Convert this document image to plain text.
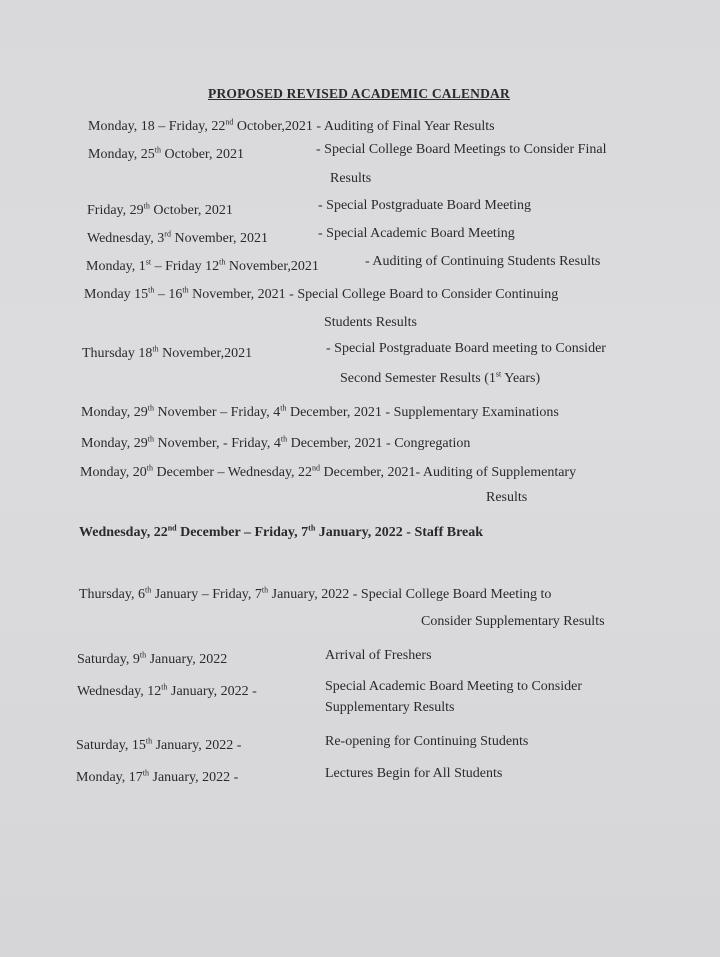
PROPOSED REVISED ACADEMIC CALENDAR
Monday, 18 – Friday, 22nd October,2021 - Auditing of Final Year Results
Monday, 25th October, 2021	- Special College Board Meetings to Consider Final
Results
Friday, 29th October, 2021	- Special Postgraduate Board Meeting
Wednesday, 3rd November, 2021	- Special Academic Board Meeting
Monday, 1st – Friday 12th November,2021	- Auditing of Continuing Students Results
Monday 15th – 16th November, 2021 - Special College Board to Consider Continuing
Students Results
Thursday 18th November,2021	- Special Postgraduate Board meeting to Consider
Second Semester Results (1st Years)
Monday, 29th November – Friday, 4th December, 2021 - Supplementary Examinations
Monday, 29th November, - Friday, 4th December, 2021 - Congregation
Monday, 20th December – Wednesday, 22nd December, 2021- Auditing of Supplementary
Results
Wednesday, 22nd December – Friday, 7th January, 2022 - Staff Break
Thursday, 6th January – Friday, 7th January, 2022 - Special College Board Meeting to
Consider Supplementary Results
Saturday, 9th January, 2022	Arrival of Freshers
Wednesday, 12th January, 2022 -	Special Academic Board Meeting to Consider
Supplementary Results
Saturday, 15th January, 2022 -	Re-opening for Continuing Students
Monday, 17th January, 2022 -	Lectures Begin for All Students
